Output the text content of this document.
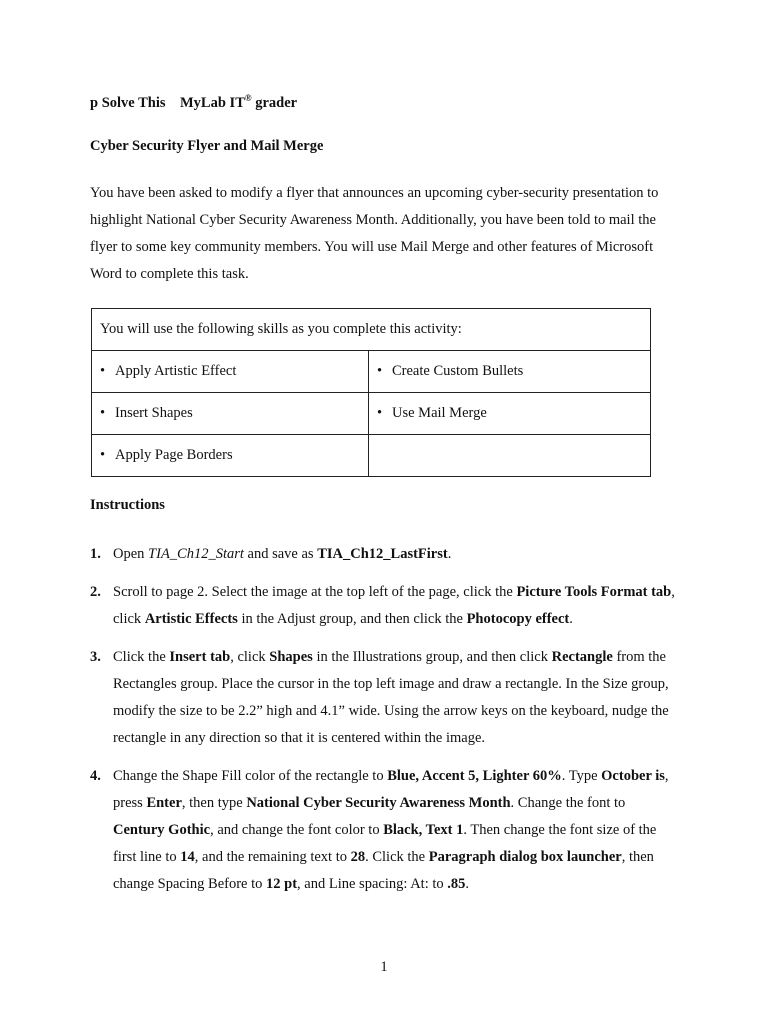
p Solve This MyLab IT® grader
Cyber Security Flyer and Mail Merge

You have been asked to modify a flyer that announces an upcoming cyber-security presentation to highlight National Cyber Security Awareness Month. Additionally, you have been told to mail the flyer to some key community members. You will use Mail Merge and other features of Microsoft Word to complete this task.

You will use the following skills as you complete this activity:	
• Apply Artistic Effect	• Create Custom Bullets
• Insert Shapes	• Use Mail Merge
• Apply Page Borders	
Instructions
1. Open TIA_Ch12_Start and save as TIA_Ch12_LastFirst.
2. Scroll to page 2. Select the image at the top left of the page, click the Picture Tools Format tab, click Artistic Effects in the Adjust group, and then click the Photocopy effect.
3. Click the Insert tab, click Shapes in the Illustrations group, and then click Rectangle from the Rectangles group. Place the cursor in the top left image and draw a rectangle. In the Size group, modify the size to be 2.2” high and 4.1” wide. Using the arrow keys on the keyboard, nudge the rectangle in any direction so that it is centered within the image.
4. Change the Shape Fill color of the rectangle to Blue, Accent 5, Lighter 60%. Type October is, press Enter, then type National Cyber Security Awareness Month. Change the font to Century Gothic, and change the font color to Black, Text 1. Then change the font size of the first line to 14, and the remaining text to 28. Click the Paragraph dialog box launcher, then change Spacing Before to 12 pt, and Line spacing: At: to .85.
1
